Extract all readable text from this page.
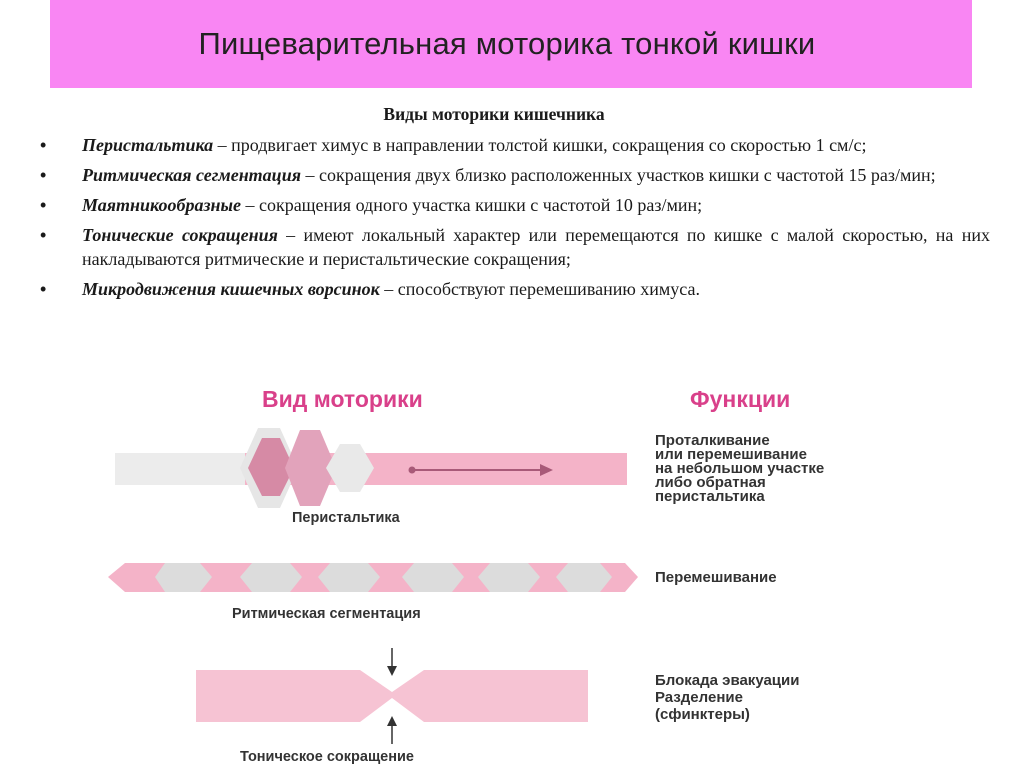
Пищеварительная моторика тонкой кишки
Виды моторики кишечника
• Перистальтика – продвигает химус в направлении толстой кишки, сокращения со скоростью 1 см/с;
• Ритмическая сегментация – сокращения двух близко расположенных участков кишки с частотой 15 раз/мин;
• Маятникообразные – сокращения одного участка кишки с частотой 10 раз/мин;
• Тонические сокращения – имеют локальный характер или перемещаются по кишке с малой скоростью, на них накладываются ритмические и перистальтические сокращения;
• Микродвижения кишечных ворсинок – способствуют перемешиванию химуса.
Вид моторики	Функции
Перистальтика
Проталкивание
или перемешивание
на небольшом участке
либо обратная
перистальтика
Ритмическая сегментация
Перемешивание
Тоническое сокращение
Блокада эвакуации
Разделение
(сфинктеры)
